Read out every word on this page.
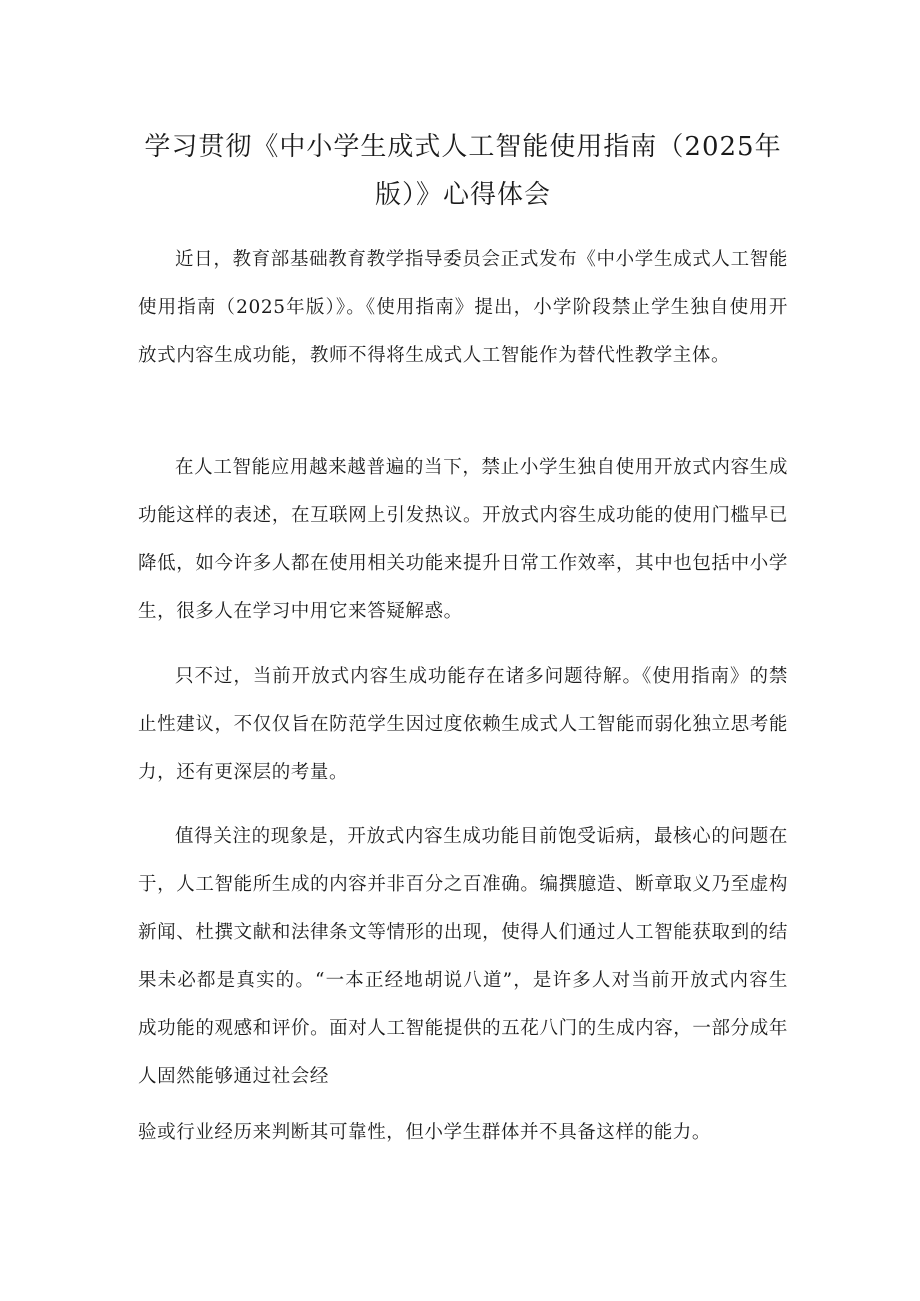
学习贯彻《中小学生成式人工智能使用指南（2025年版）》心得体会

近日，教育部基础教育教学指导委员会正式发布《中小学生成式人工智能使用指南（2025年版）》。《使用指南》提出，小学阶段禁止学生独自使用开放式内容生成功能，教师不得将生成式人工智能作为替代性教学主体。

在人工智能应用越来越普遍的当下，禁止小学生独自使用开放式内容生成功能这样的表述，在互联网上引发热议。开放式内容生成功能的使用门槛早已降低，如今许多人都在使用相关功能来提升日常工作效率，其中也包括中小学生，很多人在学习中用它来答疑解惑。

只不过，当前开放式内容生成功能存在诸多问题待解。《使用指南》的禁止性建议，不仅仅旨在防范学生因过度依赖生成式人工智能而弱化独立思考能力，还有更深层的考量。

值得关注的现象是，开放式内容生成功能目前饱受诟病，最核心的问题在于，人工智能所生成的内容并非百分之百准确。编撰臆造、断章取义乃至虚构新闻、杜撰文献和法律条文等情形的出现，使得人们通过人工智能获取到的结果未必都是真实的。“一本正经地胡说八道”，是许多人对当前开放式内容生成功能的观感和评价。面对人工智能提供的五花八门的生成内容，一部分成年人固然能够通过社会经

验或行业经历来判断其可靠性，但小学生群体并不具备这样的能力。
